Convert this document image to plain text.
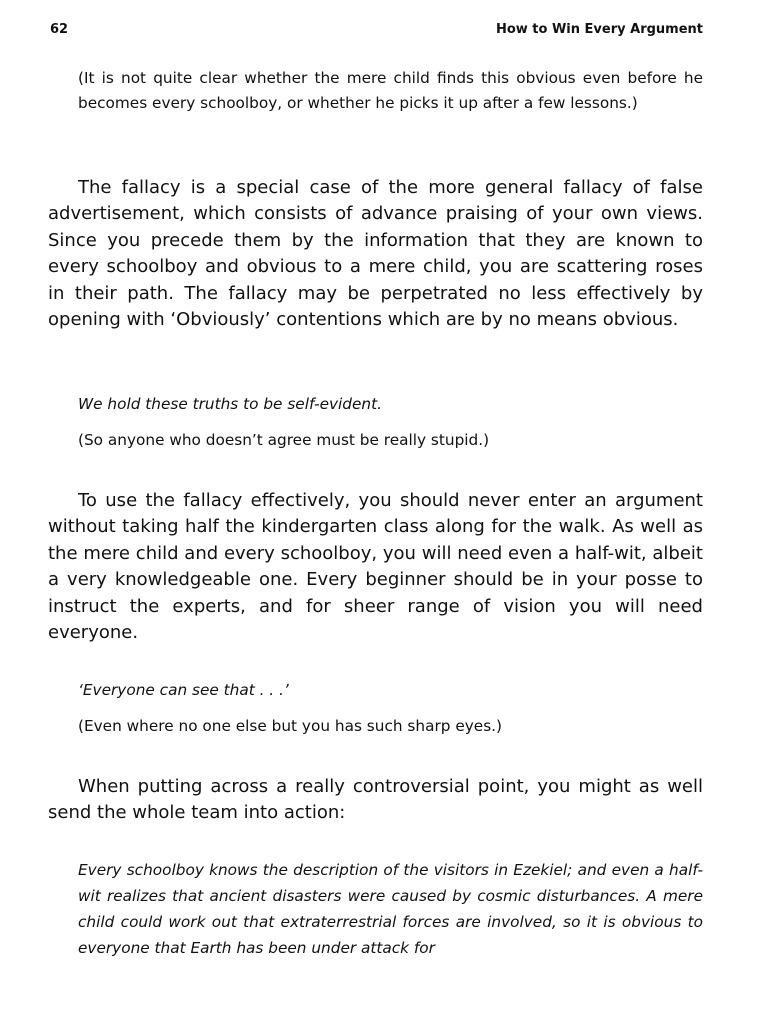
62	How to Win Every Argument

(It is not quite clear whether the mere child finds this obvious even before he becomes every schoolboy, or whether he picks it up after a few lessons.)

The fallacy is a special case of the more general fallacy of false advertisement, which consists of advance praising of your own views. Since you precede them by the information that they are known to every schoolboy and obvious to a mere child, you are scattering roses in their path. The fallacy may be perpetrated no less effectively by opening with ‘Obviously’ contentions which are by no means obvious.

We hold these truths to be self-evident.

(So anyone who doesn’t agree must be really stupid.)

To use the fallacy effectively, you should never enter an argument without taking half the kindergarten class along for the walk. As well as the mere child and every schoolboy, you will need even a half-wit, albeit a very knowledgeable one. Every beginner should be in your posse to instruct the experts, and for sheer range of vision you will need everyone.

‘Everyone can see that . . .’

(Even where no one else but you has such sharp eyes.)

When putting across a really controversial point, you might as well send the whole team into action:

Every schoolboy knows the description of the visitors in Ezekiel; and even a half-wit realizes that ancient disasters were caused by cosmic disturbances. A mere child could work out that extraterrestrial forces are involved, so it is obvious to everyone that Earth has been under attack for
